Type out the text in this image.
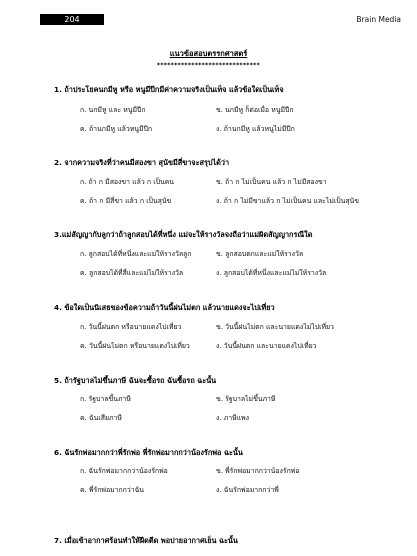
204	Brain Media
แนวข้อสอบตรรกศาสตร์
******************************
1. ถ้าประโยคนกมีหู หรือ หนูมีปีกมีค่าความจริงเป็นเท็จ แล้วข้อใดเป็นเท็จ
ก. นกมีหู และ หนูมีปีก	ข. นกมีหู ก็ต่อเมื่อ หนูมีปีก
ค. ถ้านกมีหู แล้วหนูมีปีก	ง. ถ้านกมีหู แล้วหนูไม่มีปีก
2. จากความจริงที่ว่าคนมีสองขา สุนัขมีสี่ขาจะสรุปได้ว่า
ก. ถ้า ก มีสองขา แล้ว ก เป็นคน	ข. ถ้า ก ไม่เป็นคน แล้ว ก ไม่มีสองขา
ค. ถ้า ก มีสี่ขา แล้ว ก เป็นสุนัข	ง. ถ้า ก ไม่มีขาแล้ว ก ไม่เป็นคน และไม่เป็นสุนัข
3.แม่สัญญากับลูกว่าถ้าลูกสอบได้ที่หนึ่ง แม่จะให้รางวัลจงถือว่าแม่ผิดสัญญากรณีใด
ก. ลูกสอบได้ที่หนึ่งและแม่ให้รางวัลลูก	ข. ลูกสอบตกและแม่ให้รางวัล
ค. ลูกสอบได้ที่สี่และแม่ไม่ให้รางวัล	ง. ลูกสอบได้ที่หนึ่งและแม่ไม่ให้รางวัล
4. ข้อใดเป็นนิเสธของข้อความถ้าวันนี้ฝนไม่ตก แล้วนายแดงจะไปเที่ยว
ก. วันนี้ฝนตก หรือนายแดงไปเที่ยว	ข. วันนี้ฝนไม่ตก และนายแดงไม่ไปเที่ยว
ค. วันนี้ฝนไม่ตก หรือนายแดงไปเที่ยว	ง. วันนี้ฝนตก และนายแดงไปเที่ยว
5. ถ้ารัฐบาลไม่ขึ้นภาษี ฉันจะซื้อรถ ฉันซื้อรถ ฉะนั้น
ก. รัฐบาลขึ้นภาษี	ข. รัฐบาลไม่ขึ้นภาษี
ค. ฉันเสียภาษี	ง. ภาษีแพง
6. ฉันรักพ่อมากกว่าพี่รักพ่อ พี่รักพ่อมากกว่าน้องรักพ่อ ฉะนั้น
ก. ฉันรักพ่อมากกว่าน้องรักพ่อ	ข. พี่รักพ่อมากกว่าน้องรักพ่อ
ค. พี่รักพ่อมากกว่าฉัน	ง. ฉันรักพ่อมากกว่าพี่
7. เมื่อเข้าอากาศร้อนทำให้ฝีดตีด พอบ่ายอากาศเย็น ฉะนั้น
